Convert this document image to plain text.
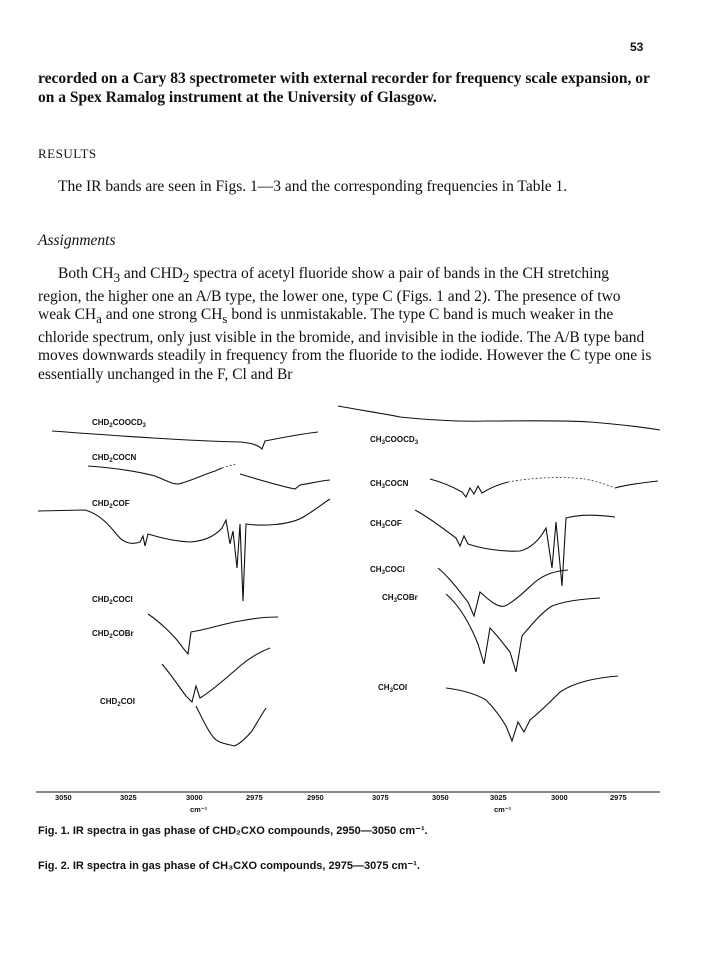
53
recorded on a Cary 83 spectrometer with external recorder for frequency scale expansion, or on a Spex Ramalog instrument at the University of Glasgow.
RESULTS
The IR bands are seen in Figs. 1—3 and the corresponding frequencies in Table 1.
Assignments
Both $CH_3$ and $CHD_2$ spectra of acetyl fluoride show a pair of bands in the CH stretching region, the higher one an A/B type, the lower one, type C (Figs. 1 and 2). The presence of two weak $CH_a$ and one strong $CH_s$ bond is unmistakable. The type C band is much weaker in the chloride spectrum, only just visible in the bromide, and invisible in the iodide. The A/B type band moves downwards steadily in frequency from the fluoride to the iodide. However the C type one is essentially unchanged in the F, Cl and Br
$CHD_2COOCD_3$
$CHD_2COCN$
$CHD_2COF$
$CHD_2COCl$
$CHD_2COBr$
$CHD_2COI$
3050	3025	3000	2975	2950
cm⁻¹
$CH_3COOCD_3$
$CH_3COCN$
$CH_3COF$
$CH_3COCl$
$CH_3COBr$
$CH_3COI$
3075	3050	3025	3000	2975
cm⁻¹
Fig. 1. IR spectra in gas phase of CHD₂CXO compounds, 2950—3050 cm⁻¹.
Fig. 2. IR spectra in gas phase of CH₃CXO compounds, 2975—3075 cm⁻¹.
